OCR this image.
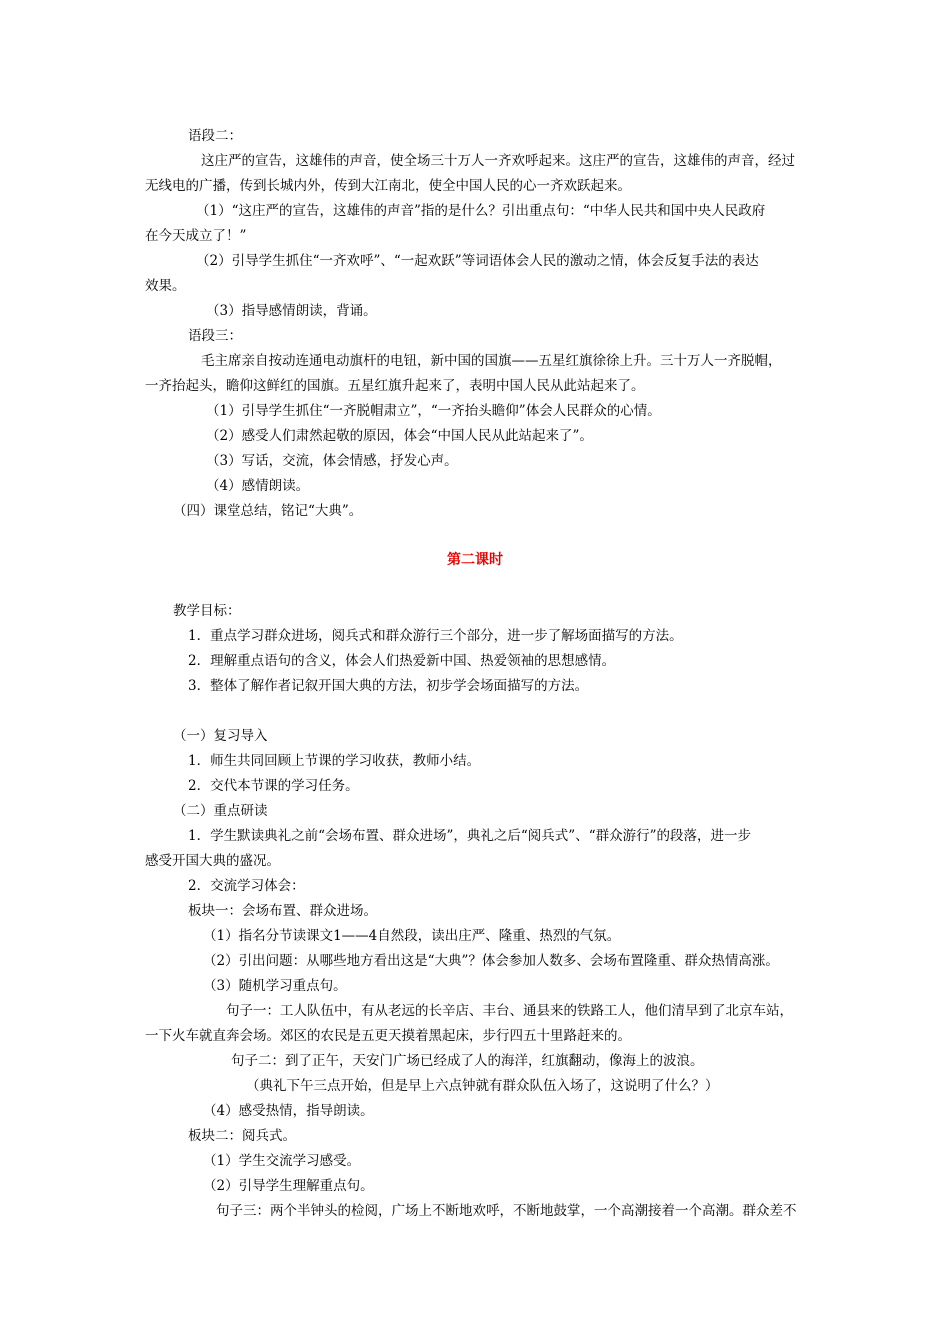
语段二：
这庄严的宣告，这雄伟的声音，使全场三十万人一齐欢呼起来。这庄严的宣告，这雄伟的声音，经过
无线电的广播，传到长城内外，传到大江南北，使全中国人民的心一齐欢跃起来。
（1）“这庄严的宣告，这雄伟的声音”指的是什么？引出重点句：“中华人民共和国中央人民政府
在今天成立了！”
（2）引导学生抓住“一齐欢呼”、“一起欢跃”等词语体会人民的激动之情，体会反复手法的表达
效果。
（3）指导感情朗读，背诵。
语段三：
毛主席亲自按动连通电动旗杆的电钮，新中国的国旗——五星红旗徐徐上升。三十万人一齐脱帽，
一齐抬起头，瞻仰这鲜红的国旗。五星红旗升起来了，表明中国人民从此站起来了。
（1）引导学生抓住“一齐脱帽肃立”，“一齐抬头瞻仰”体会人民群众的心情。
（2）感受人们肃然起敬的原因，体会“中国人民从此站起来了”。
（3）写话，交流，体会情感，抒发心声。
（4）感情朗读。
（四）课堂总结，铭记“大典”。
第二课时
教学目标：
1．重点学习群众进场，阅兵式和群众游行三个部分，进一步了解场面描写的方法。
2．理解重点语句的含义，体会人们热爱新中国、热爱领袖的思想感情。
3．整体了解作者记叙开国大典的方法，初步学会场面描写的方法。
（一）复习导入
1．师生共同回顾上节课的学习收获，教师小结。
2．交代本节课的学习任务。
（二）重点研读
1．学生默读典礼之前“会场布置、群众进场”，典礼之后“阅兵式”、“群众游行”的段落，进一步
感受开国大典的盛况。
2．交流学习体会：
板块一：会场布置、群众进场。
（1）指名分节读课文1——4自然段，读出庄严、隆重、热烈的气氛。
（2）引出问题：从哪些地方看出这是“大典”？体会参加人数多、会场布置隆重、群众热情高涨。
（3）随机学习重点句。
句子一：工人队伍中，有从老远的长辛店、丰台、通县来的铁路工人，他们清早到了北京车站，
一下火车就直奔会场。郊区的农民是五更天摸着黑起床，步行四五十里路赶来的。
句子二：到了正午，天安门广场已经成了人的海洋，红旗翻动，像海上的波浪。
（典礼下午三点开始，但是早上六点钟就有群众队伍入场了，这说明了什么？）
（4）感受热情，指导朗读。
板块二：阅兵式。
（1）学生交流学习感受。
（2）引导学生理解重点句。
句子三：两个半钟头的检阅，广场上不断地欢呼，不断地鼓掌，一个高潮接着一个高潮。群众差不
